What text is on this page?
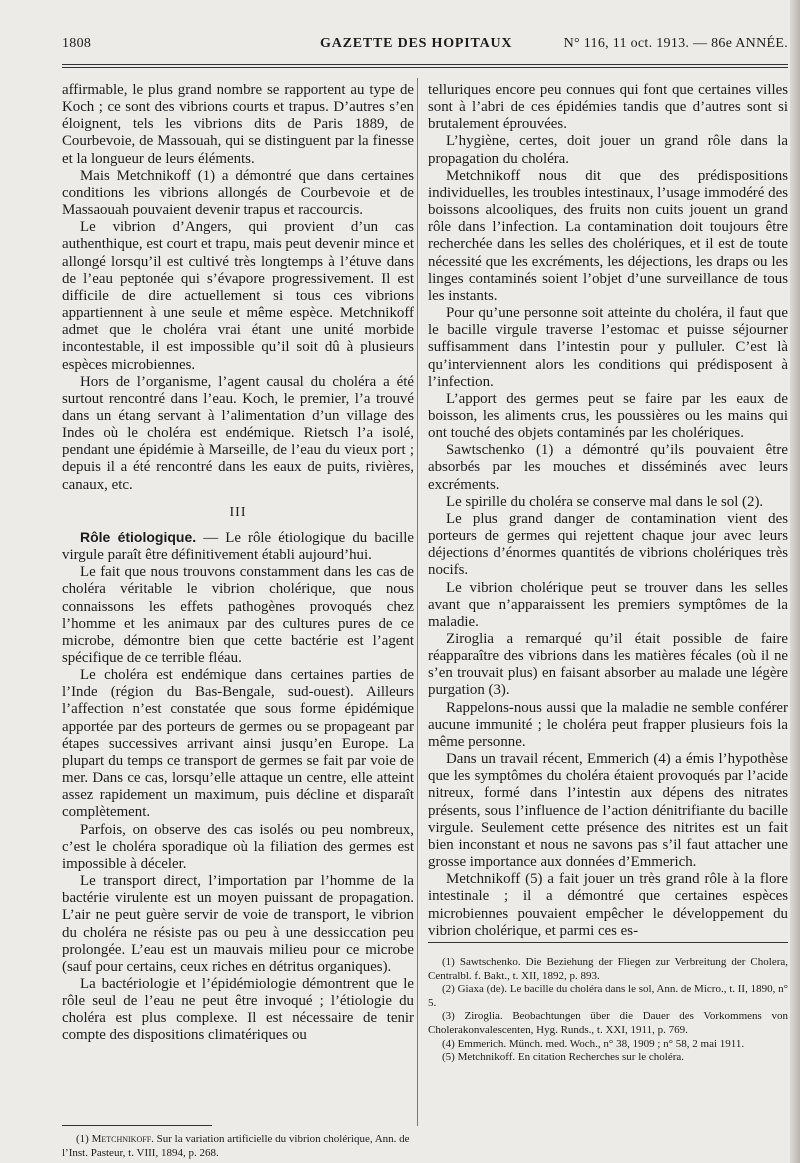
1808	GAZETTE DES HOPITAUX	N° 116, 11 oct. 1913. — 86e ANNÉE.

affirmable, le plus grand nombre se rapportent au type de Koch ; ce sont des vibrions courts et trapus. D’autres s’en éloignent, tels les vibrions dits de Paris 1889, de Courbevoie, de Massouah, qui se distinguent par la finesse et la longueur de leurs éléments.

Mais Metchnikoff (1) a démontré que dans certaines conditions les vibrions allongés de Courbevoie et de Massaouah pouvaient devenir trapus et raccourcis.

Le vibrion d’Angers, qui provient d’un cas authenthique, est court et trapu, mais peut devenir mince et allongé lorsqu’il est cultivé très longtemps à l’étuve dans de l’eau peptonée qui s’évapore progressivement. Il est difficile de dire actuellement si tous ces vibrions appartiennent à une seule et même espèce. Metchnikoff admet que le choléra vrai étant une unité morbide incontestable, il est impossible qu’il soit dû à plusieurs espèces microbiennes.

Hors de l’organisme, l’agent causal du choléra a été surtout rencontré dans l’eau. Koch, le premier, l’a trouvé dans un étang servant à l’alimentation d’un village des Indes où le choléra est endémique. Rietsch l’a isolé, pendant une épidémie à Marseille, de l’eau du vieux port ; depuis il a été rencontré dans les eaux de puits, rivières, canaux, etc.

III

Rôle étiologique. — Le rôle étiologique du bacille virgule paraît être définitivement établi aujourd’hui.

Le fait que nous trouvons constamment dans les cas de choléra véritable le vibrion cholérique, que nous connaissons les effets pathogènes provoqués chez l’homme et les animaux par des cultures pures de ce microbe, démontre bien que cette bactérie est l’agent spécifique de ce terrible fléau.

Le choléra est endémique dans certaines parties de l’Inde (région du Bas-Bengale, sud-ouest). Ailleurs l’affection n’est constatée que sous forme épidémique apportée par des porteurs de germes ou se propageant par étapes successives arrivant ainsi jusqu’en Europe. La plupart du temps ce transport de germes se fait par voie de mer. Dans ce cas, lorsqu’elle attaque un centre, elle atteint assez rapidement un maximum, puis décline et disparaît complètement.

Parfois, on observe des cas isolés ou peu nombreux, c’est le choléra sporadique où la filiation des germes est impossible à déceler.

Le transport direct, l’importation par l’homme de la bactérie virulente est un moyen puissant de propagation. L’air ne peut guère servir de voie de transport, le vibrion du choléra ne résiste pas ou peu à une dessiccation peu prolongée. L’eau est un mauvais milieu pour ce microbe (sauf pour certains, ceux riches en détritus organiques).

La bactériologie et l’épidémiologie démontrent que le rôle seul de l’eau ne peut être invoqué ; l’étiologie du choléra est plus complexe. Il est nécessaire de tenir compte des dispositions climatériques ou

(1) Metchnikoff. Sur la variation artificielle du vibrion cholérique, Ann. de l’Inst. Pasteur, t. VIII, 1894, p. 268.

telluriques encore peu connues qui font que certaines villes sont à l’abri de ces épidémies tandis que d’autres sont si brutalement éprouvées.

L’hygiène, certes, doit jouer un grand rôle dans la propagation du choléra.

Metchnikoff nous dit que des prédispositions individuelles, les troubles intestinaux, l’usage immodéré des boissons alcooliques, des fruits non cuits jouent un grand rôle dans l’infection. La contamination doit toujours être recherchée dans les selles des cholériques, et il est de toute nécessité que les excréments, les déjections, les draps ou les linges contaminés soient l’objet d’une surveillance de tous les instants.

Pour qu’une personne soit atteinte du choléra, il faut que le bacille virgule traverse l’estomac et puisse séjourner suffisamment dans l’intestin pour y pulluler. C’est là qu’interviennent alors les conditions qui prédisposent à l’infection.

L’apport des germes peut se faire par les eaux de boisson, les aliments crus, les poussières ou les mains qui ont touché des objets contaminés par les cholériques.

Sawtschenko (1) a démontré qu’ils pouvaient être absorbés par les mouches et disséminés avec leurs excréments.

Le spirille du choléra se conserve mal dans le sol (2).

Le plus grand danger de contamination vient des porteurs de germes qui rejettent chaque jour avec leurs déjections d’énormes quantités de vibrions cholériques très nocifs.

Le vibrion cholérique peut se trouver dans les selles avant que n’apparaissent les premiers symptômes de la maladie.

Ziroglia a remarqué qu’il était possible de faire réapparaître des vibrions dans les matières fécales (où il ne s’en trouvait plus) en faisant absorber au malade une légère purgation (3).

Rappelons-nous aussi que la maladie ne semble conférer aucune immunité ; le choléra peut frapper plusieurs fois la même personne.

Dans un travail récent, Emmerich (4) a émis l’hypothèse que les symptômes du choléra étaient provoqués par l’acide nitreux, formé dans l’intestin aux dépens des nitrates présents, sous l’influence de l’action dénitrifiante du bacille virgule. Seulement cette présence des nitrites est un fait bien inconstant et nous ne savons pas s’il faut attacher une grosse importance aux données d’Emmerich.

Metchnikoff (5) a fait jouer un très grand rôle à la flore intestinale ; il a démontré que certaines espèces microbiennes pouvaient empêcher le développement du vibrion cholérique, et parmi ces es-

(1) Sawtschenko. Die Beziehung der Fliegen zur Verbreitung der Cholera, Centralbl. f. Bakt., t. XII, 1892, p. 893.

(2) Giaxa (de). Le bacille du choléra dans le sol, Ann. de Micro., t. II, 1890, n° 5.

(3) Ziroglia. Beobachtungen über die Dauer des Vorkommens von Cholerakonvalescenten, Hyg. Runds., t. XXI, 1911, p. 769.

(4) Emmerich. Münch. med. Woch., n° 38, 1909 ; n° 58, 2 mai 1911.

(5) Metchnikoff. En citation Recherches sur le choléra.
